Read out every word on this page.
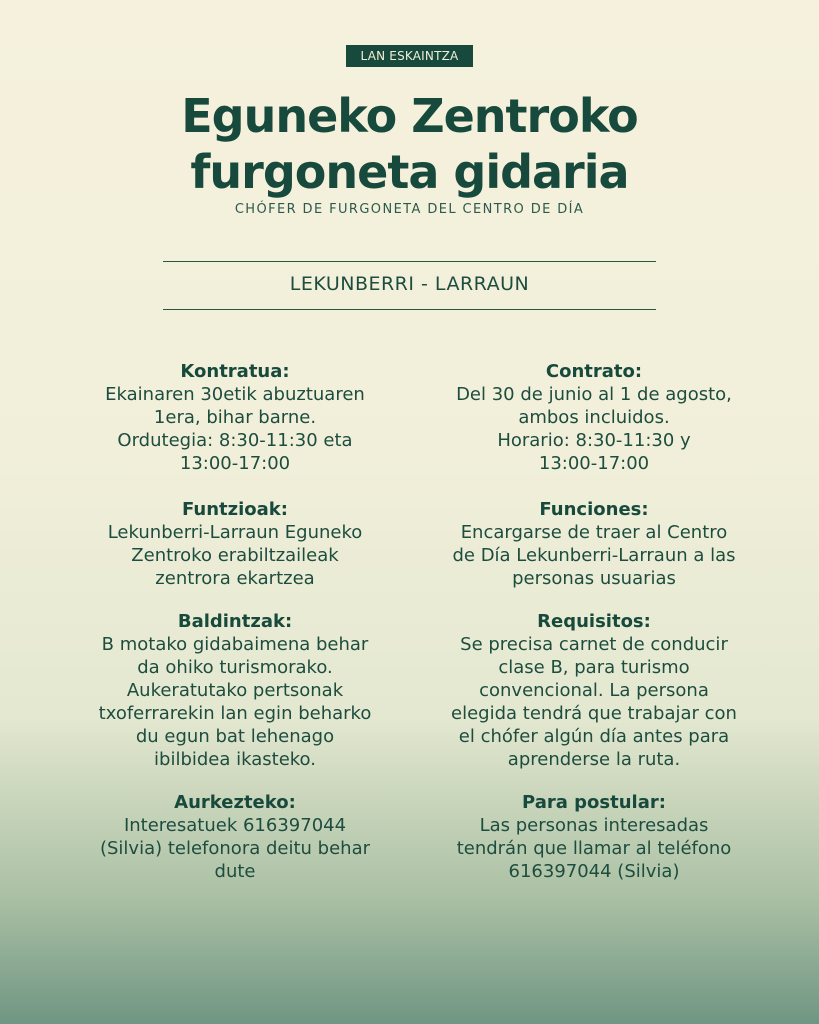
LAN ESKAINTZA
Eguneko Zentroko
furgoneta gidaria
CHÓFER DE FURGONETA DEL CENTRO DE DÍA
LEKUNBERRI - LARRAUN
Kontratua:
Ekainaren 30etik abuztuaren
1era, bihar barne.
Ordutegia: 8:30-11:30 eta
13:00-17:00
Funtzioak:
Lekunberri-Larraun Eguneko
Zentroko erabiltzaileak
zentrora ekartzea
Baldintzak:
B motako gidabaimena behar
da ohiko turismorako.
Aukeratutako pertsonak
txoferrarekin lan egin beharko
du egun bat lehenago
ibilbidea ikasteko.
Aurkezteko:
Interesatuek 616397044
(Silvia) telefonora deitu behar
dute
Contrato:
Del 30 de junio al 1 de agosto,
ambos incluidos.
Horario: 8:30-11:30 y
13:00-17:00
Funciones:
Encargarse de traer al Centro
de Día Lekunberri-Larraun a las
personas usuarias
Requisitos:
Se precisa carnet de conducir
clase B, para turismo
convencional. La persona
elegida tendrá que trabajar con
el chófer algún día antes para
aprenderse la ruta.
Para postular:
Las personas interesadas
tendrán que llamar al teléfono
616397044 (Silvia)
